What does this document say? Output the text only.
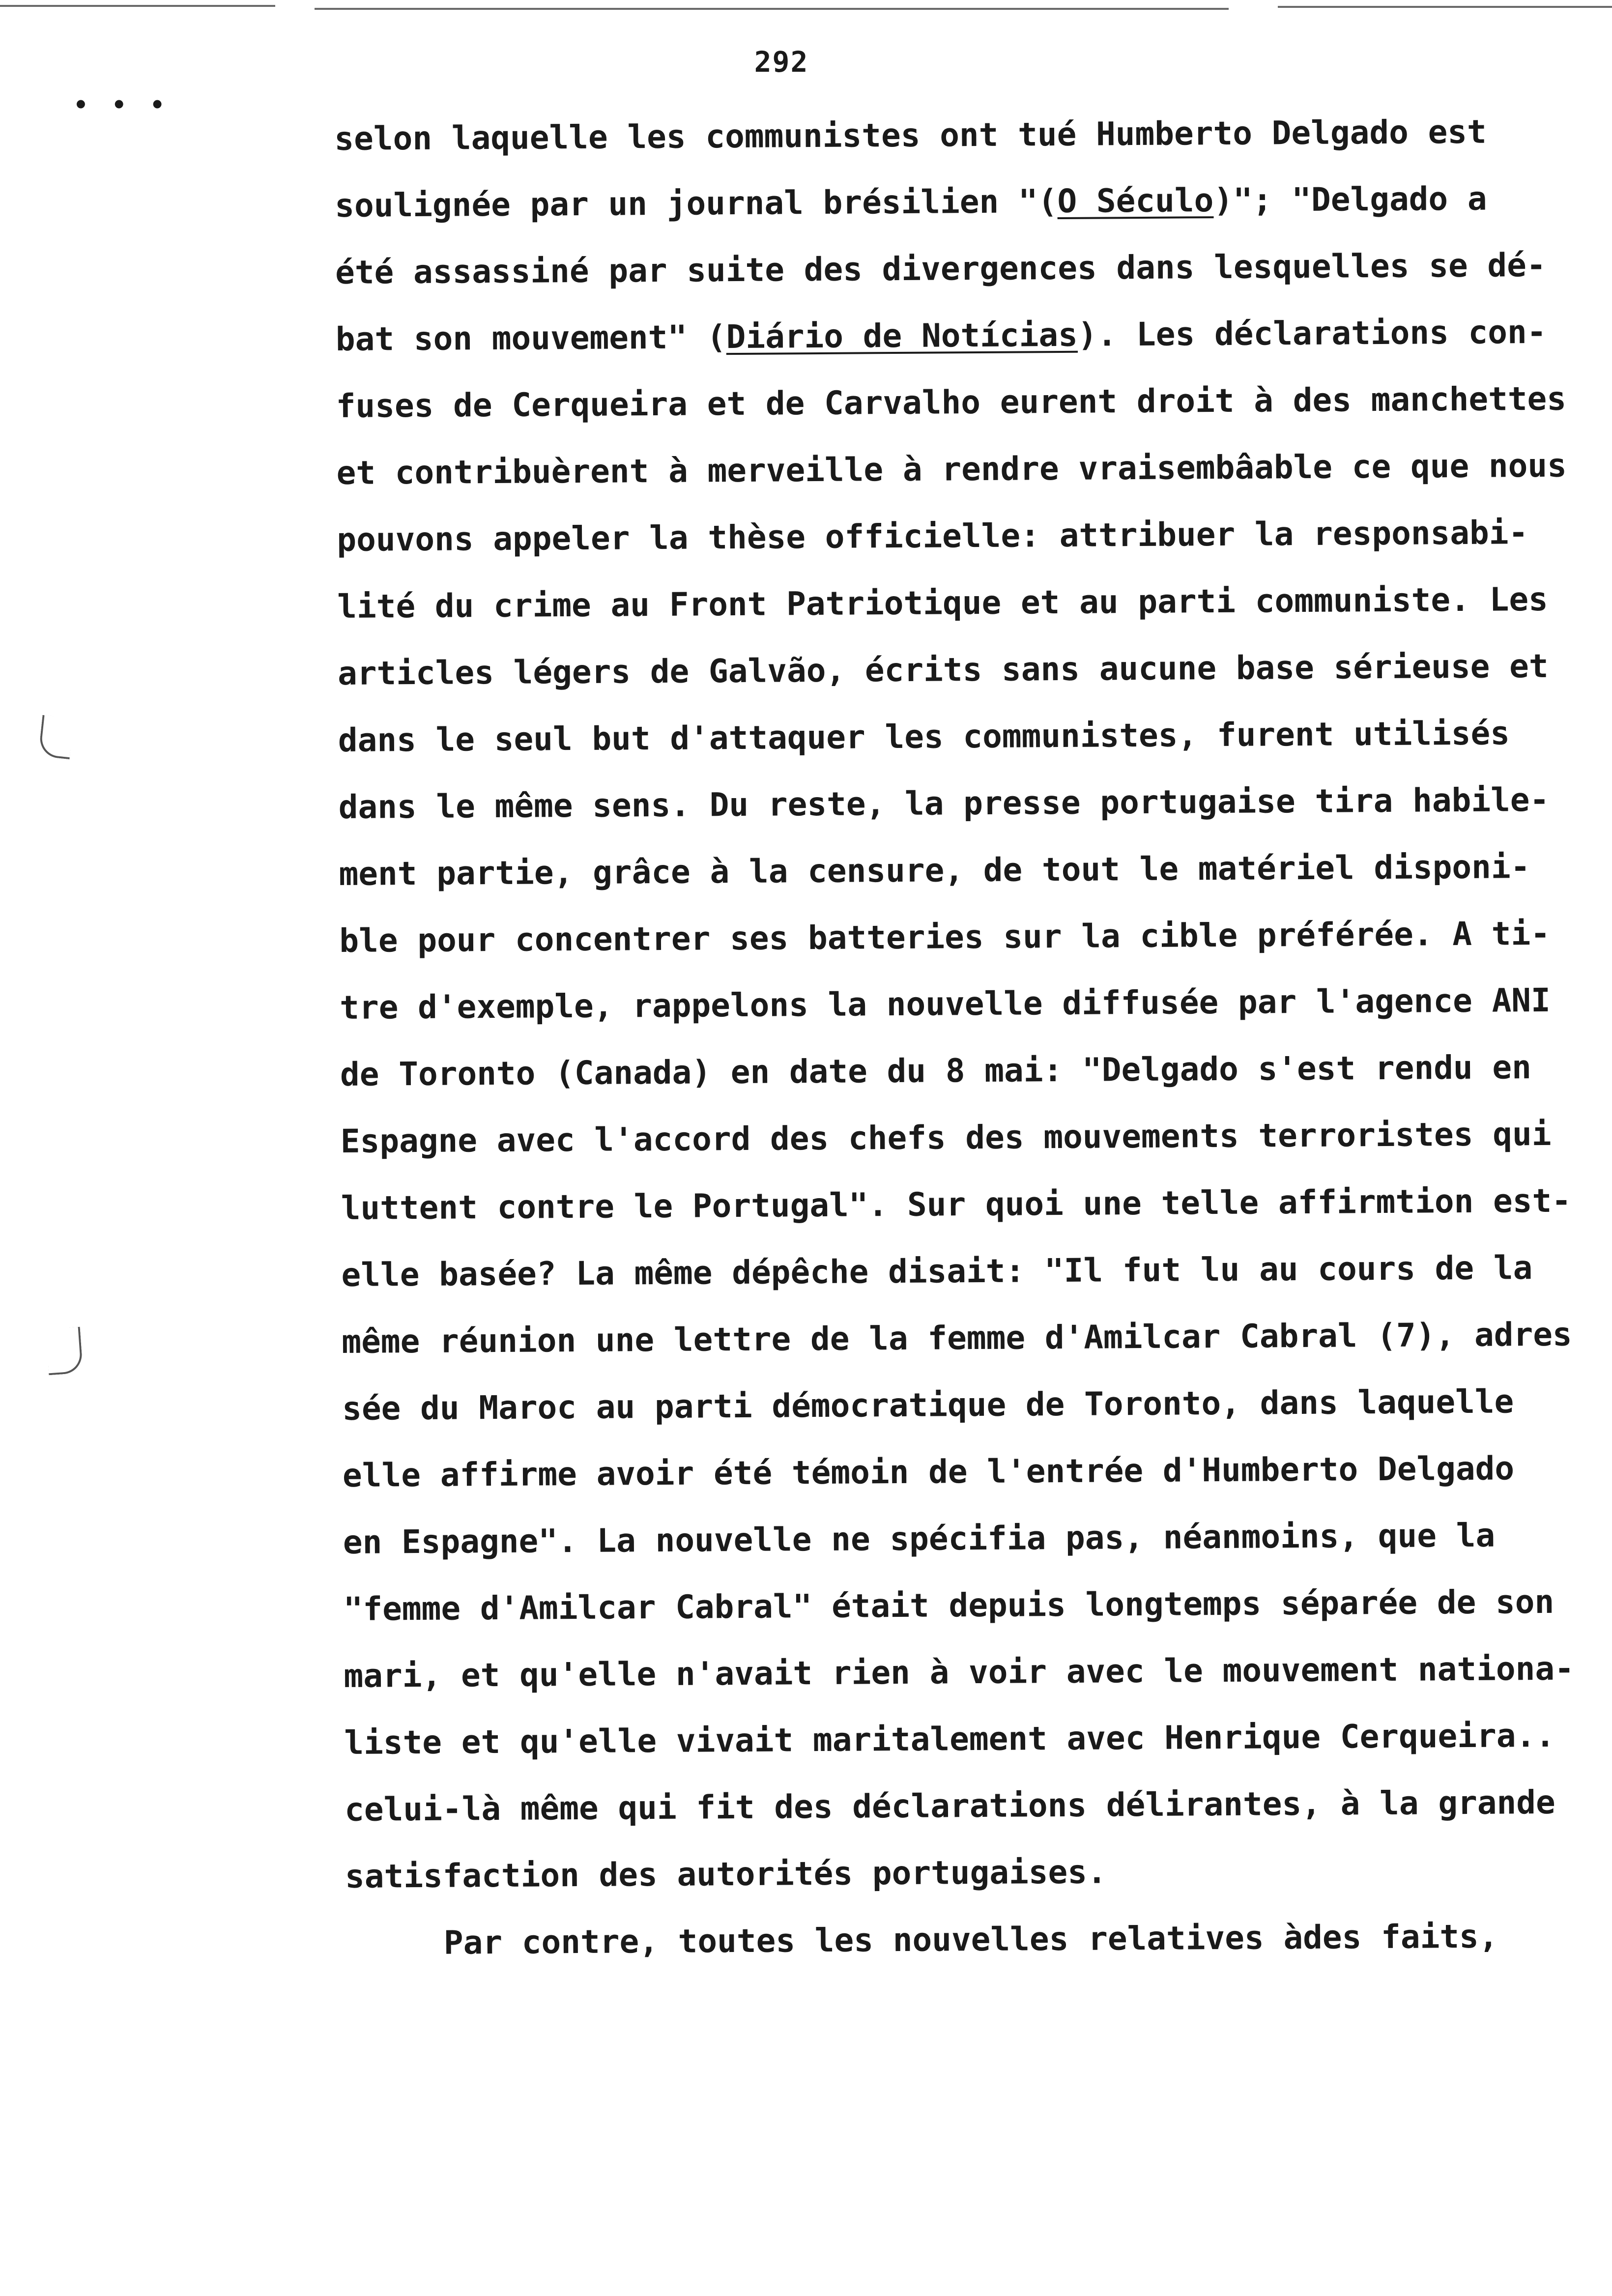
292
• • •
selon laquelle les communistes ont tué Humberto Delgado est
soulignée par un journal brésilien "(O Século)"; "Delgado a
été assassiné par suite des divergences dans lesquelles se dé-
bat son mouvement" (Diário de Notícias). Les déclarations con-
fuses de Cerqueira et de Carvalho eurent droit à des manchettes
et contribuèrent à merveille à rendre vraisembâable ce que nous
pouvons appeler la thèse officielle: attribuer la responsabi-
lité du crime au Front Patriotique et au parti communiste. Les
articles légers de Galvão, écrits sans aucune base sérieuse et
dans le seul but d'attaquer les communistes, furent utilisés
dans le même sens. Du reste, la presse portugaise tira habile-
ment partie, grâce à la censure, de tout le matériel disponi-
ble pour concentrer ses batteries sur la cible préférée. A ti-
tre d'exemple, rappelons la nouvelle diffusée par l'agence ANI
de Toronto (Canada) en date du 8 mai: "Delgado s'est rendu en
Espagne avec l'accord des chefs des mouvements terroristes qui
luttent contre le Portugal". Sur quoi une telle affirmtion est-
elle basée? La même dépêche disait: "Il fut lu au cours de la
même réunion une lettre de la femme d'Amilcar Cabral (7), adres
sée du Maroc au parti démocratique de Toronto, dans laquelle
elle affirme avoir été témoin de l'entrée d'Humberto Delgado
en Espagne". La nouvelle ne spécifia pas, néanmoins, que la
"femme d'Amilcar Cabral" était depuis longtemps séparée de son
mari, et qu'elle n'avait rien à voir avec le mouvement nationa-
liste et qu'elle vivait maritalement avec Henrique Cerqueira..
celui-là même qui fit des déclarations délirantes, à la grande
satisfaction des autorités portugaises.
Par contre, toutes les nouvelles relatives àdes faits,
